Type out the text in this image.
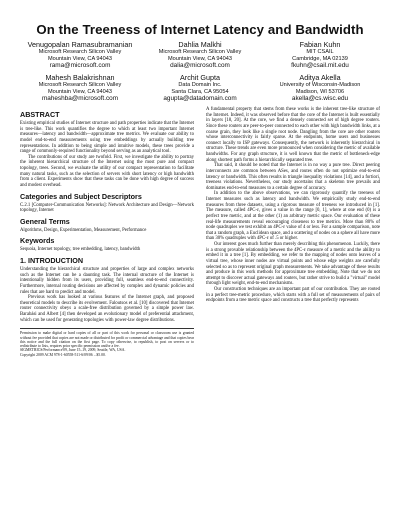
On the Treeness of Internet Latency and Bandwidth
Venugopalan Ramasubramanian
Microsoft Research Silicon Valley
Mountain View, CA 94043
rama@microsoft.com
Dahlia Malkhi
Microsoft Research Silicon Valley
Mountain View, CA 94043
dalia@microsoft.com
Fabian Kuhn
MIT CSAIL
Cambridge, MA 02139
fkuhn@csail.mit.edu
Mahesh Balakrishnan
Microsoft Research Silicon Valley
Mountain View, CA 94043
maheshba@microsoft.com
Archit Gupta
Data Domain Inc.
Santa Clara, CA 95054
agupta@datadomain.com
Aditya Akella
University of Wisconsin-Madison
Madison, WI 53706
akella@cs.wisc.edu
ABSTRACT

Existing empirical studies of Internet structure and path properties indicate that the Internet is tree-like. This work quantifies the degree to which at least two important Internet measures—latency and bandwidth—approximate tree metrics. We evaluate our ability to model end-to-end measurements using tree embeddings by actually building tree representations. In addition to being simple and intuitive models, these trees provide a range of commonly-required functionality beyond serving as an analytical tool.

The contributions of our study are twofold. First, we investigate the ability to portray the inherent hierarchical structure of the Internet using the most pure and compact topology, trees. Second, we evaluate the utility of our compact representation to facilitate many natural tasks, such as the selection of servers with short latency or high bandwidth from a client. Experiments show that these tasks can be done with high degree of success and modest overhead.

Categories and Subject Descriptors

C.2.1 [Computer-Communication Networks]: Network Architecture and Design—Network topology, Internet

General Terms

Algorithms, Design, Experimentation, Measurement, Performance

Keywords

Sequoia, Internet topology, tree embedding, latency, bandwidth

1. INTRODUCTION

Understanding the hierarchical structure and properties of large and complex networks such as the Internet can be a daunting task. The internal structure of the Internet is intentionally hidden from its users, providing full, seamless end-to-end connectivity. Furthermore, internal routing decisions are affected by complex and dynamic policies and rules that are hard to predict and model.

Previous work has looked at various features of the Internet graph, and proposed theoretical models to describe its evolvement. Faloutsos et al. [10] discovered that Internet router connectivity obeys a scale-free distribution governed by a simple power law. Barabási and Albert [4] then developed an evolutionary model of preferential attachment, which can be used for generating topologies with power-law degree distributions.

Permission to make digital or hard copies of all or part of this work for personal or classroom use is granted without fee provided that copies are not made or distributed for profit or commercial advantage and that copies bear this notice and the full citation on the first page. To copy otherwise, to republish, to post on servers or to redistribute to lists, requires prior specific permission and/or a fee.
SIGMETRICS/Performance'09, June 15–19, 2009, Seattle, WA, USA.
Copyright 2009 ACM 978-1-60558-511-6/09/06 ...$5.00.

A fundamental property that stems from these works is the inherent tree-like structure of the Internet. Indeed, it was observed before that the core of the Internet is built essentially in layers [18, 20]. At the core, we find a densely connected set of high degree routers. Since these routers are peer-to-peer connected to each other with high bandwidth links, at a coarse grain, they look like a single root node. Dangling from the core are other routers whose interconnectivity is fairly sparse. At the endpoints, home users and businesses connect locally to ISP gateways. Consequently, the network is inherently hierarchical in structure. These trends are even more pronounced when considering the metric of available bandwidths. For any graph structure, it is well known that the metric of bottleneck-edge along shortest path forms a hierarchically separated tree.

That said, it should be noted that the Internet is in no way a pure tree. Direct peering interconnects are common between ASes, and routes often do not optimize end-to-end latency or bandwidth. This often results in triangle inequality violations [14], and a fortiori, treeness violations. Nevertheless, our study ascertains that a skeleton tree prevails and dominates end-to-end measures to a certain degree of accuracy.

In addition to the above observations, we can rigorously quantify the treeness of Internet measures such as latency and bandwidth. We empirically study end-to-end measures from three datasets, using a rigorous measure of treeness we introduced in [1]. The measure, called 4PC-ε, gives a value in the range [0, 1], where at one end (0) is a perfect tree metric, and at the other (1) an arbitrary metric space. Our evaluation of these real-life measurements reveal encouraging closeness to tree metrics. More than 80% of node quadruples we test exhibit an 4PC-ε value of 4 or less. For a sample comparison, note that a random graph, a Euclidean space, and a scattering of nodes on a sphere all have more than 30% quadruples with 4PC-ε of .5 or higher.

Our interest goes much further than merely describing this phenomenon. Luckily, there is a strong provable relationship between the 4PC-ε measure of a metric and the ability to embed it in a tree [1]. By embedding, we refer to the mapping of nodes onto leaves of a virtual tree, whose inner nodes are virtual points and whose edge weights are carefully selected so as to represent original graph measurements. We take advantage of these results and produce in this work methods for approximate tree embedding. Note that we do not attempt to discover actual gateways and routers, but rather strive to build a "virtual" model through light weight, end-to-end mechanisms.

Our construction techniques are an important part of our contribution. They are rooted in a perfect tree-metric procedure, which starts with a full set of measurements of pairs of endpoints from a tree metric space and constructs a tree that perfectly represents
